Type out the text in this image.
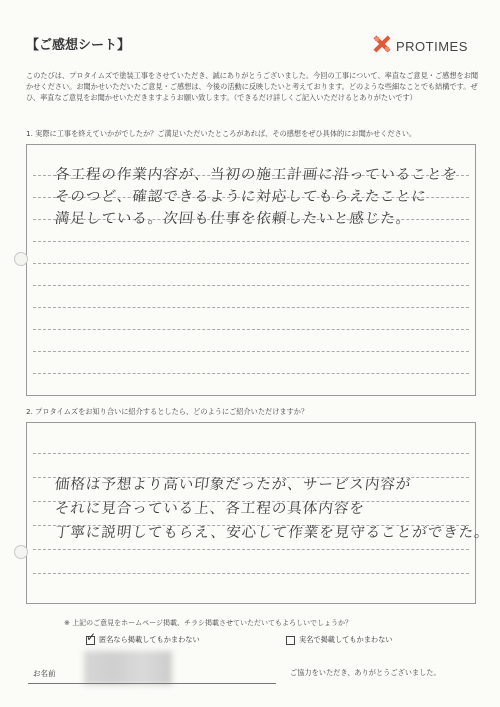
【ご感想シート】	PROTIMES
このたびは、プロタイムズで塗装工事をさせていただき、誠にありがとうございました。今回の工事について、率直なご意見・ご感想をお聞かせください。お聞かせいただいたご意見・ご感想は、今後の活動に反映したいと考えております。どのような些細なことでも結構です。ぜひ、率直なご意見をお聞かせいただきますようお願い致します。（できるだけ詳しくご記入いただけるとありがたいです）
1. 実際に工事を終えていかがでしたか？ご満足いただいたところがあれば、その感想をぜひ具体的にお聞かせください。
各工程の作業内容が、当初の施工計画に沿っていることを
そのつど、確認できるように対応してもらえたことに
満足している。次回も仕事を依頼したいと感じた。
2. プロタイムズをお知り合いに紹介するとしたら、どのようにご紹介いただけますか？
価格は予想より高い印象だったが、サービス内容が
それに見合っている上、各工程の具体内容を
丁寧に説明してもらえ、安心して作業を見守ることができた。
※ 上記のご意見をホームページ掲載、チラシ掲載させていただいてもよろしいでしょうか？
✓ 匿名なら掲載してもかまわない	実名で掲載してもかまわない
お名前	ご協力をいただき、ありがとうございました。
